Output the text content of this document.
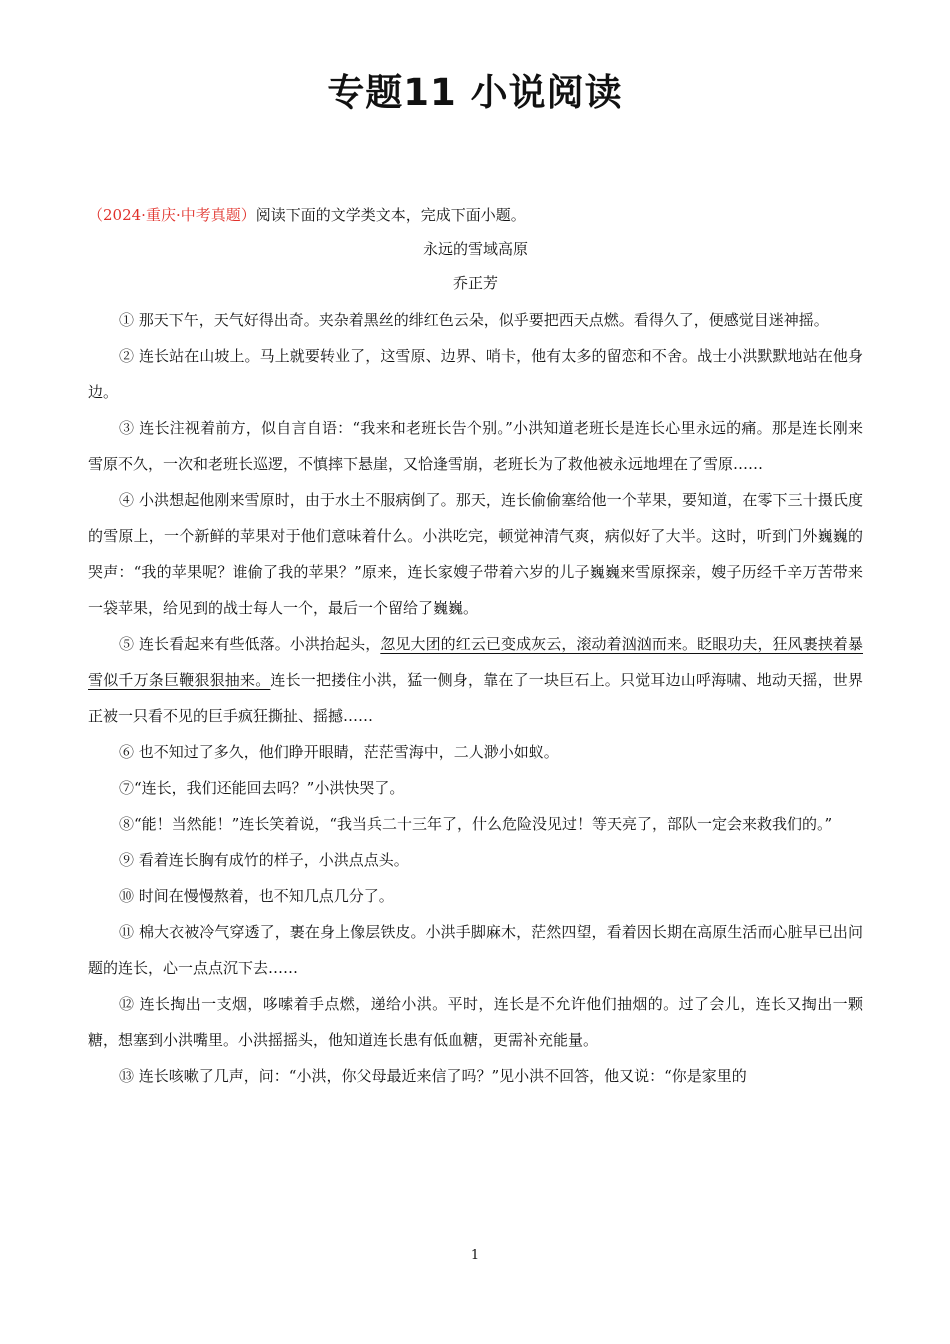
专题11 小说阅读

（2024·重庆·中考真题）阅读下面的文学类文本，完成下面小题。

永远的雪域高原

乔正芳

① 那天下午，天气好得出奇。夹杂着黑丝的绯红色云朵，似乎要把西天点燃。看得久了，便感觉目迷神摇。

② 连长站在山坡上。马上就要转业了，这雪原、边界、哨卡，他有太多的留恋和不舍。战士小洪默默地站在他身边。

③ 连长注视着前方，似自言自语：“我来和老班长告个别。”小洪知道老班长是连长心里永远的痛。那是连长刚来雪原不久，一次和老班长巡逻，不慎摔下悬崖，又恰逢雪崩，老班长为了救他被永远地埋在了雪原……

④ 小洪想起他刚来雪原时，由于水土不服病倒了。那天，连长偷偷塞给他一个苹果，要知道，在零下三十摄氏度的雪原上，一个新鲜的苹果对于他们意味着什么。小洪吃完，顿觉神清气爽，病似好了大半。这时，听到门外巍巍的哭声：“我的苹果呢？谁偷了我的苹果？”原来，连长家嫂子带着六岁的儿子巍巍来雪原探亲，嫂子历经千辛万苦带来一袋苹果，给见到的战士每人一个，最后一个留给了巍巍。

⑤ 连长看起来有些低落。小洪抬起头，忽见大团的红云已变成灰云，滚动着汹汹而来。眨眼功夫，狂风裹挟着暴雪似千万条巨鞭狠狠抽来。连长一把搂住小洪，猛一侧身，靠在了一块巨石上。只觉耳边山呼海啸、地动天摇，世界正被一只看不见的巨手疯狂撕扯、摇撼……

⑥ 也不知过了多久，他们睁开眼睛，茫茫雪海中，二人渺小如蚁。

⑦“连长，我们还能回去吗？”小洪快哭了。

⑧“能！当然能！”连长笑着说，“我当兵二十三年了，什么危险没见过！等天亮了，部队一定会来救我们的。”

⑨ 看着连长胸有成竹的样子，小洪点点头。

⑩ 时间在慢慢熬着，也不知几点几分了。

⑪ 棉大衣被冷气穿透了，裹在身上像层铁皮。小洪手脚麻木，茫然四望，看着因长期在高原生活而心脏早已出问题的连长，心一点点沉下去……

⑫ 连长掏出一支烟，哆嗦着手点燃，递给小洪。平时，连长是不允许他们抽烟的。过了会儿，连长又掏出一颗糖，想塞到小洪嘴里。小洪摇摇头，他知道连长患有低血糖，更需补充能量。

⑬ 连长咳嗽了几声，问：“小洪，你父母最近来信了吗？”见小洪不回答，他又说：“你是家里的

1
